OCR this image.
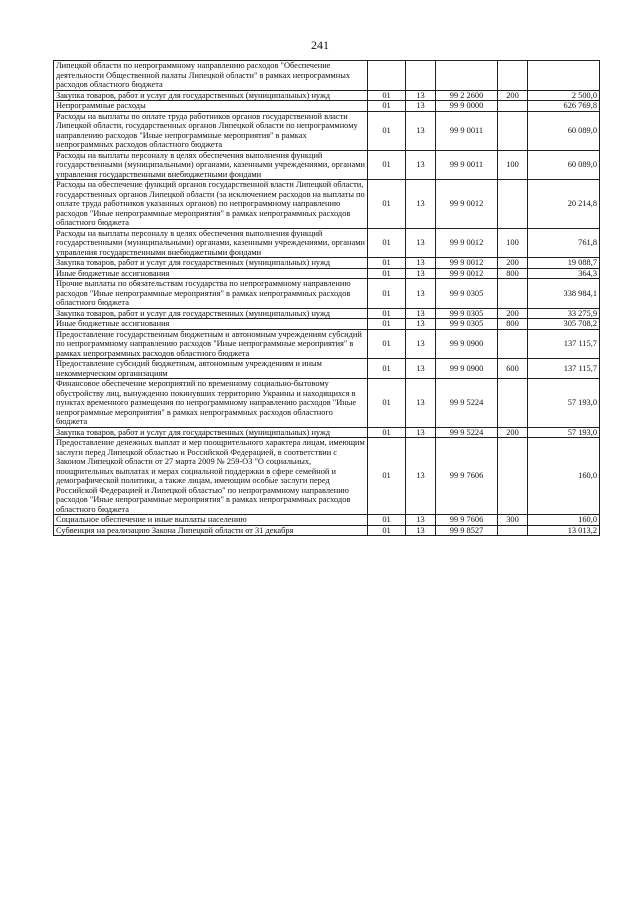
241
Липецкой области по непрограммному направлению расходов "Обеспечение деятельности Общественной палаты Липецкой области" в рамках непрограммных расходов областного бюджета					
Закупка товаров, работ и услуг для государственных (муниципальных) нужд	01	13	99 2 2600	200	2 500,0
Непрограммные расходы	01	13	99 9 0000		626 769,8
Расходы на выплаты по оплате труда работников органов государственной власти Липецкой области, государственных органов Липецкой области по непрограммному направлению расходов "Иные непрограммные мероприятия" в рамках непрограммных расходов областного бюджета	01	13	99 9 0011		60 089,0
Расходы на выплаты персоналу в целях обеспечения выполнения функций государственными (муниципальными) органами, казенными учреждениями, органами управления государственными внебюджетными фондами	01	13	99 9 0011	100	60 089,0
Расходы на обеспечение функций органов государственной власти Липецкой области, государственных органов Липецкой области (за исключением расходов на выплаты по оплате труда работников указанных органов) по непрограммному направлению расходов "Иные непрограммные мероприятия" в рамках непрограммных расходов областного бюджета	01	13	99 9 0012		20 214,8
Расходы на выплаты персоналу в целях обеспечения выполнения функций государственными (муниципальными) органами, казенными учреждениями, органами управления государственными внебюджетными фондами	01	13	99 9 0012	100	761,8
Закупка товаров, работ и услуг для государственных (муниципальных) нужд	01	13	99 9 0012	200	19 088,7
Иные бюджетные ассигнования	01	13	99 9 0012	800	364,3
Прочие выплаты по обязательствам государства по непрограммному направлению расходов "Иные непрограммные мероприятия" в рамках непрограммных расходов областного бюджета	01	13	99 9 0305		338 984,1
Закупка товаров, работ и услуг для государственных (муниципальных) нужд	01	13	99 9 0305	200	33 275,9
Иные бюджетные ассигнования	01	13	99 9 0305	800	305 708,2
Предоставление государственным бюджетным и автономным учреждениям субсидий по непрограммному направлению расходов "Иные непрограммные мероприятия" в рамках непрограммных расходов областного бюджета	01	13	99 9 0900		137 115,7
Предоставление субсидий бюджетным, автономным учреждениям и иным некоммерческим организациям	01	13	99 9 0900	600	137 115,7
Финансовое обеспечение мероприятий по временному социально-бытовому обустройству лиц, вынужденно покинувших территорию Украины и находящихся в пунктах временного размещения по непрограммному направлению расходов "Иные непрограммные мероприятия" в рамках непрограммных расходов областного бюджета	01	13	99 9 5224		57 193,0
Закупка товаров, работ и услуг для государственных (муниципальных) нужд	01	13	99 9 5224	200	57 193,0
Предоставление денежных выплат и мер поощрительного характера лицам, имеющим заслуги перед Липецкой областью и Российской Федерацией, в соответствии с Законом Липецкой области от 27 марта 2009 № 259-ОЗ "О социальных, поощрительных выплатах и мерах социальной поддержки в сфере семейной и демографической политики, а также лицам, имеющим особые заслуги перед Российской Федерацией и Липецкой областью" по непрограммному направлению расходов "Иные непрограммные мероприятия" в рамках непрограммных расходов областного бюджета	01	13	99 9 7606		160,0
Социальное обеспечение и иные выплаты населению	01	13	99 9 7606	300	160,0
Субвенция на реализацию Закона Липецкой области от 31 декабря	01	13	99 9 8527		13 013,2
